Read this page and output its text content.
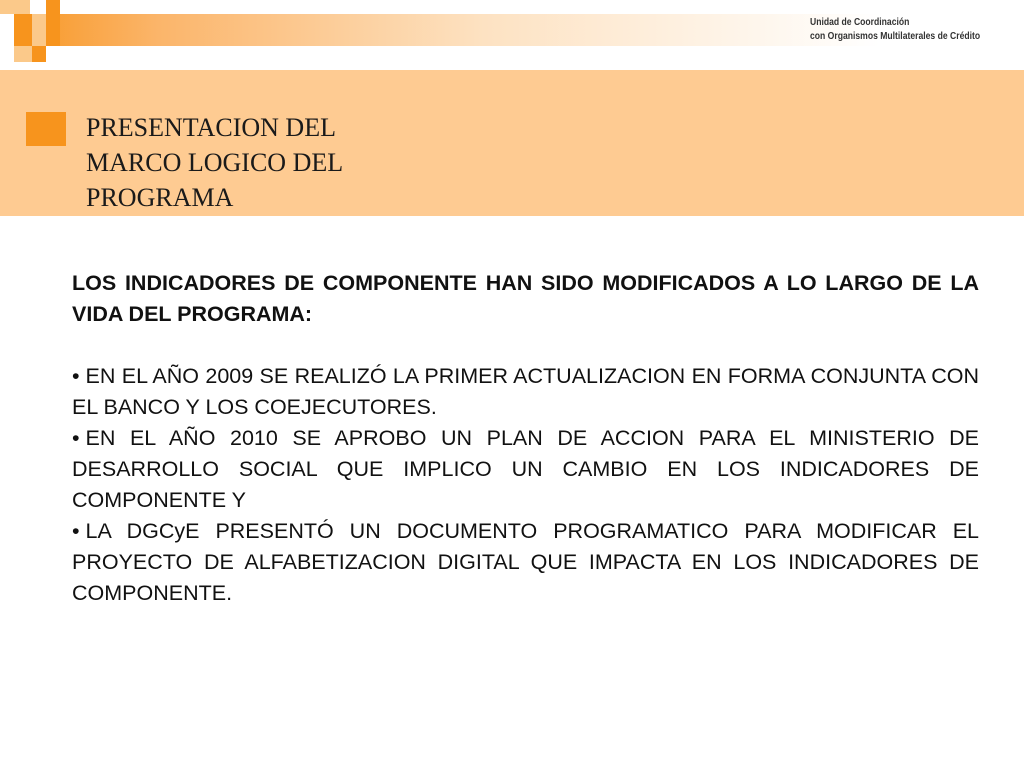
Unidad de Coordinación
con Organismos Multilaterales de Crédito
PRESENTACION DEL
MARCO LOGICO DEL
PROGRAMA

LOS INDICADORES DE COMPONENTE HAN SIDO MODIFICADOS A LO LARGO DE LA VIDA DEL PROGRAMA:

• EN EL AÑO 2009 SE REALIZÓ LA PRIMER ACTUALIZACION EN FORMA CONJUNTA CON EL BANCO Y LOS COEJECUTORES.

• EN EL AÑO 2010 SE APROBO UN PLAN DE ACCION PARA EL MINISTERIO DE DESARROLLO SOCIAL QUE IMPLICO UN CAMBIO EN LOS INDICADORES DE COMPONENTE Y

• LA DGCyE PRESENTÓ UN DOCUMENTO PROGRAMATICO PARA MODIFICAR EL PROYECTO DE ALFABETIZACION DIGITAL QUE IMPACTA EN LOS INDICADORES DE COMPONENTE.
